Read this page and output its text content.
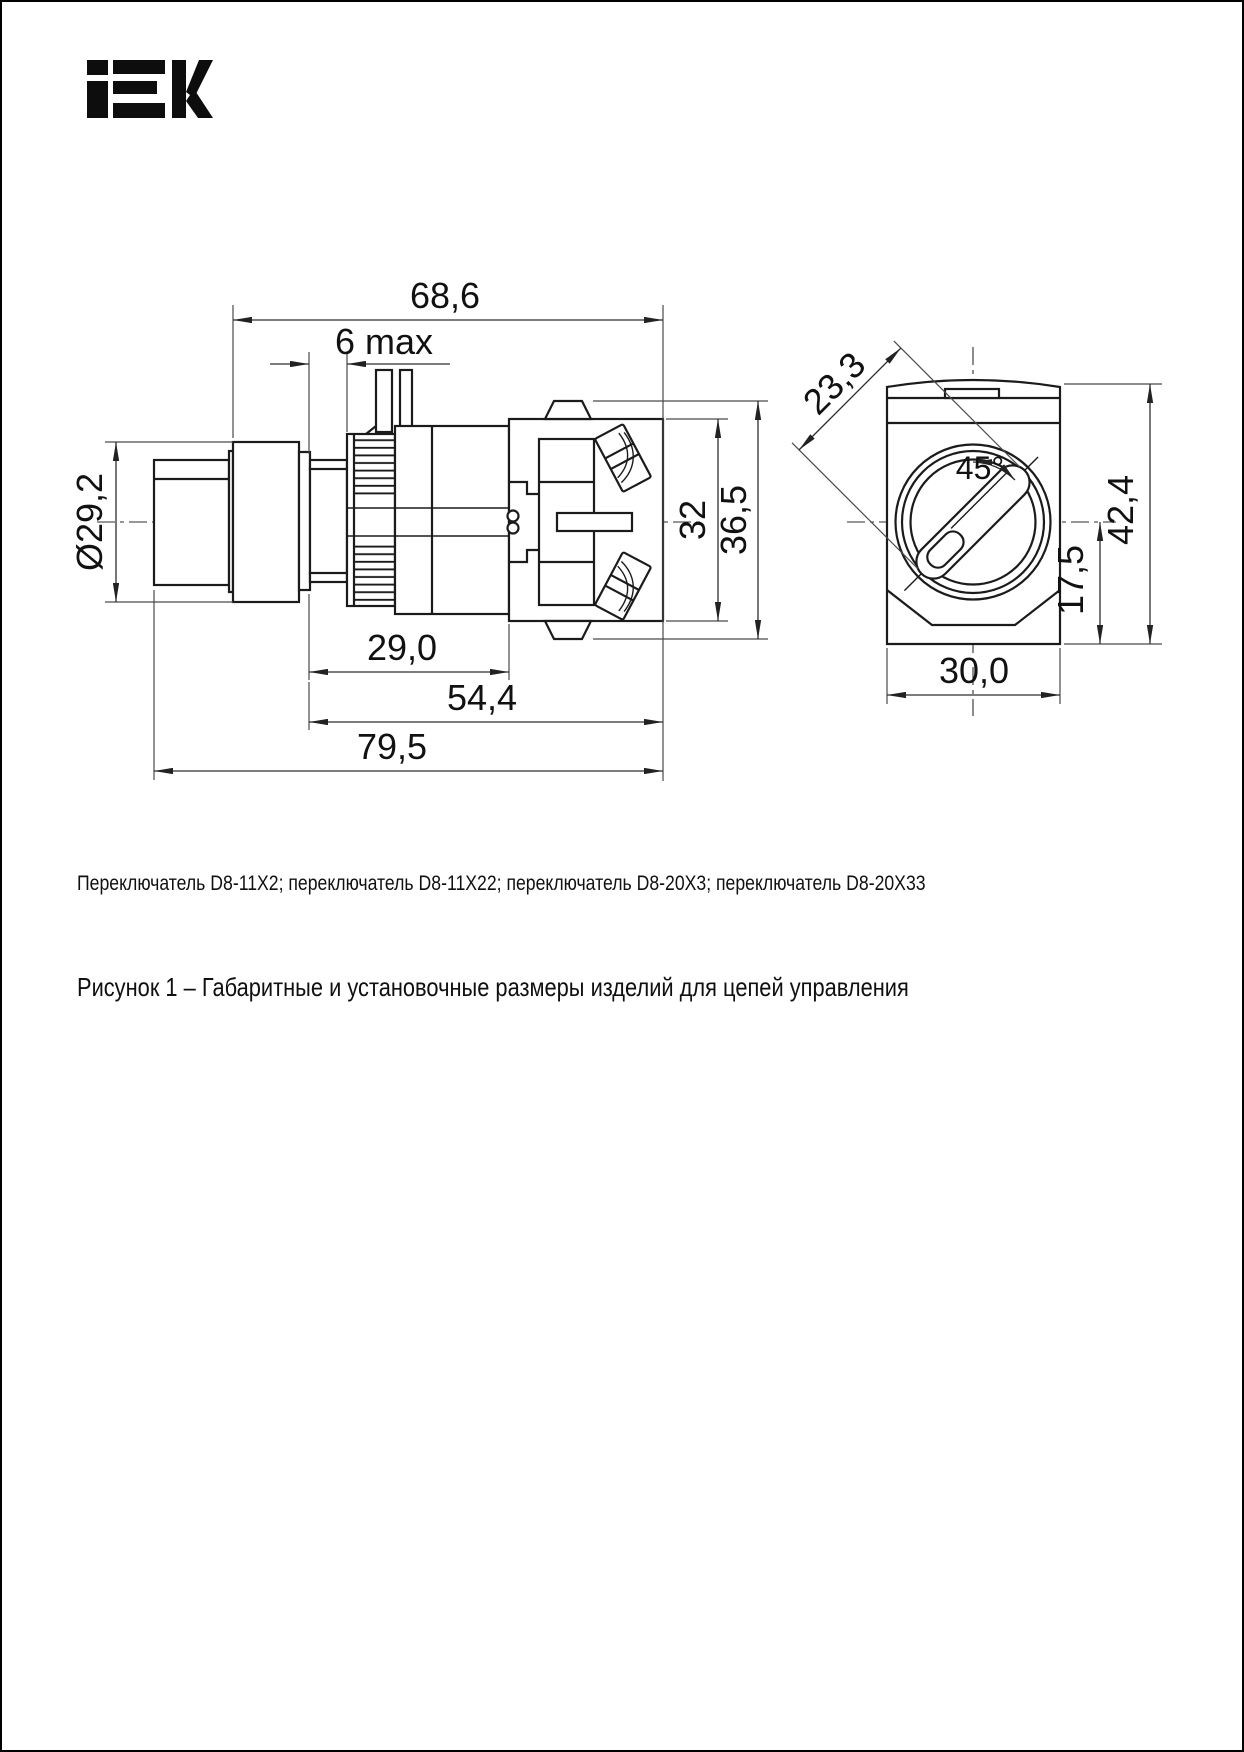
Ø29,2
68,6
6 max
29,0
54,4
79,5
32 36,5
23,3
45°
42,4
17,5
30,0
Переключатель D8-11X2; переключатель D8-11X22; переключатель D8-20X3; переключатель D8-20X33
Рисунок 1 – Габаритные и установочные размеры изделий для цепей управления
